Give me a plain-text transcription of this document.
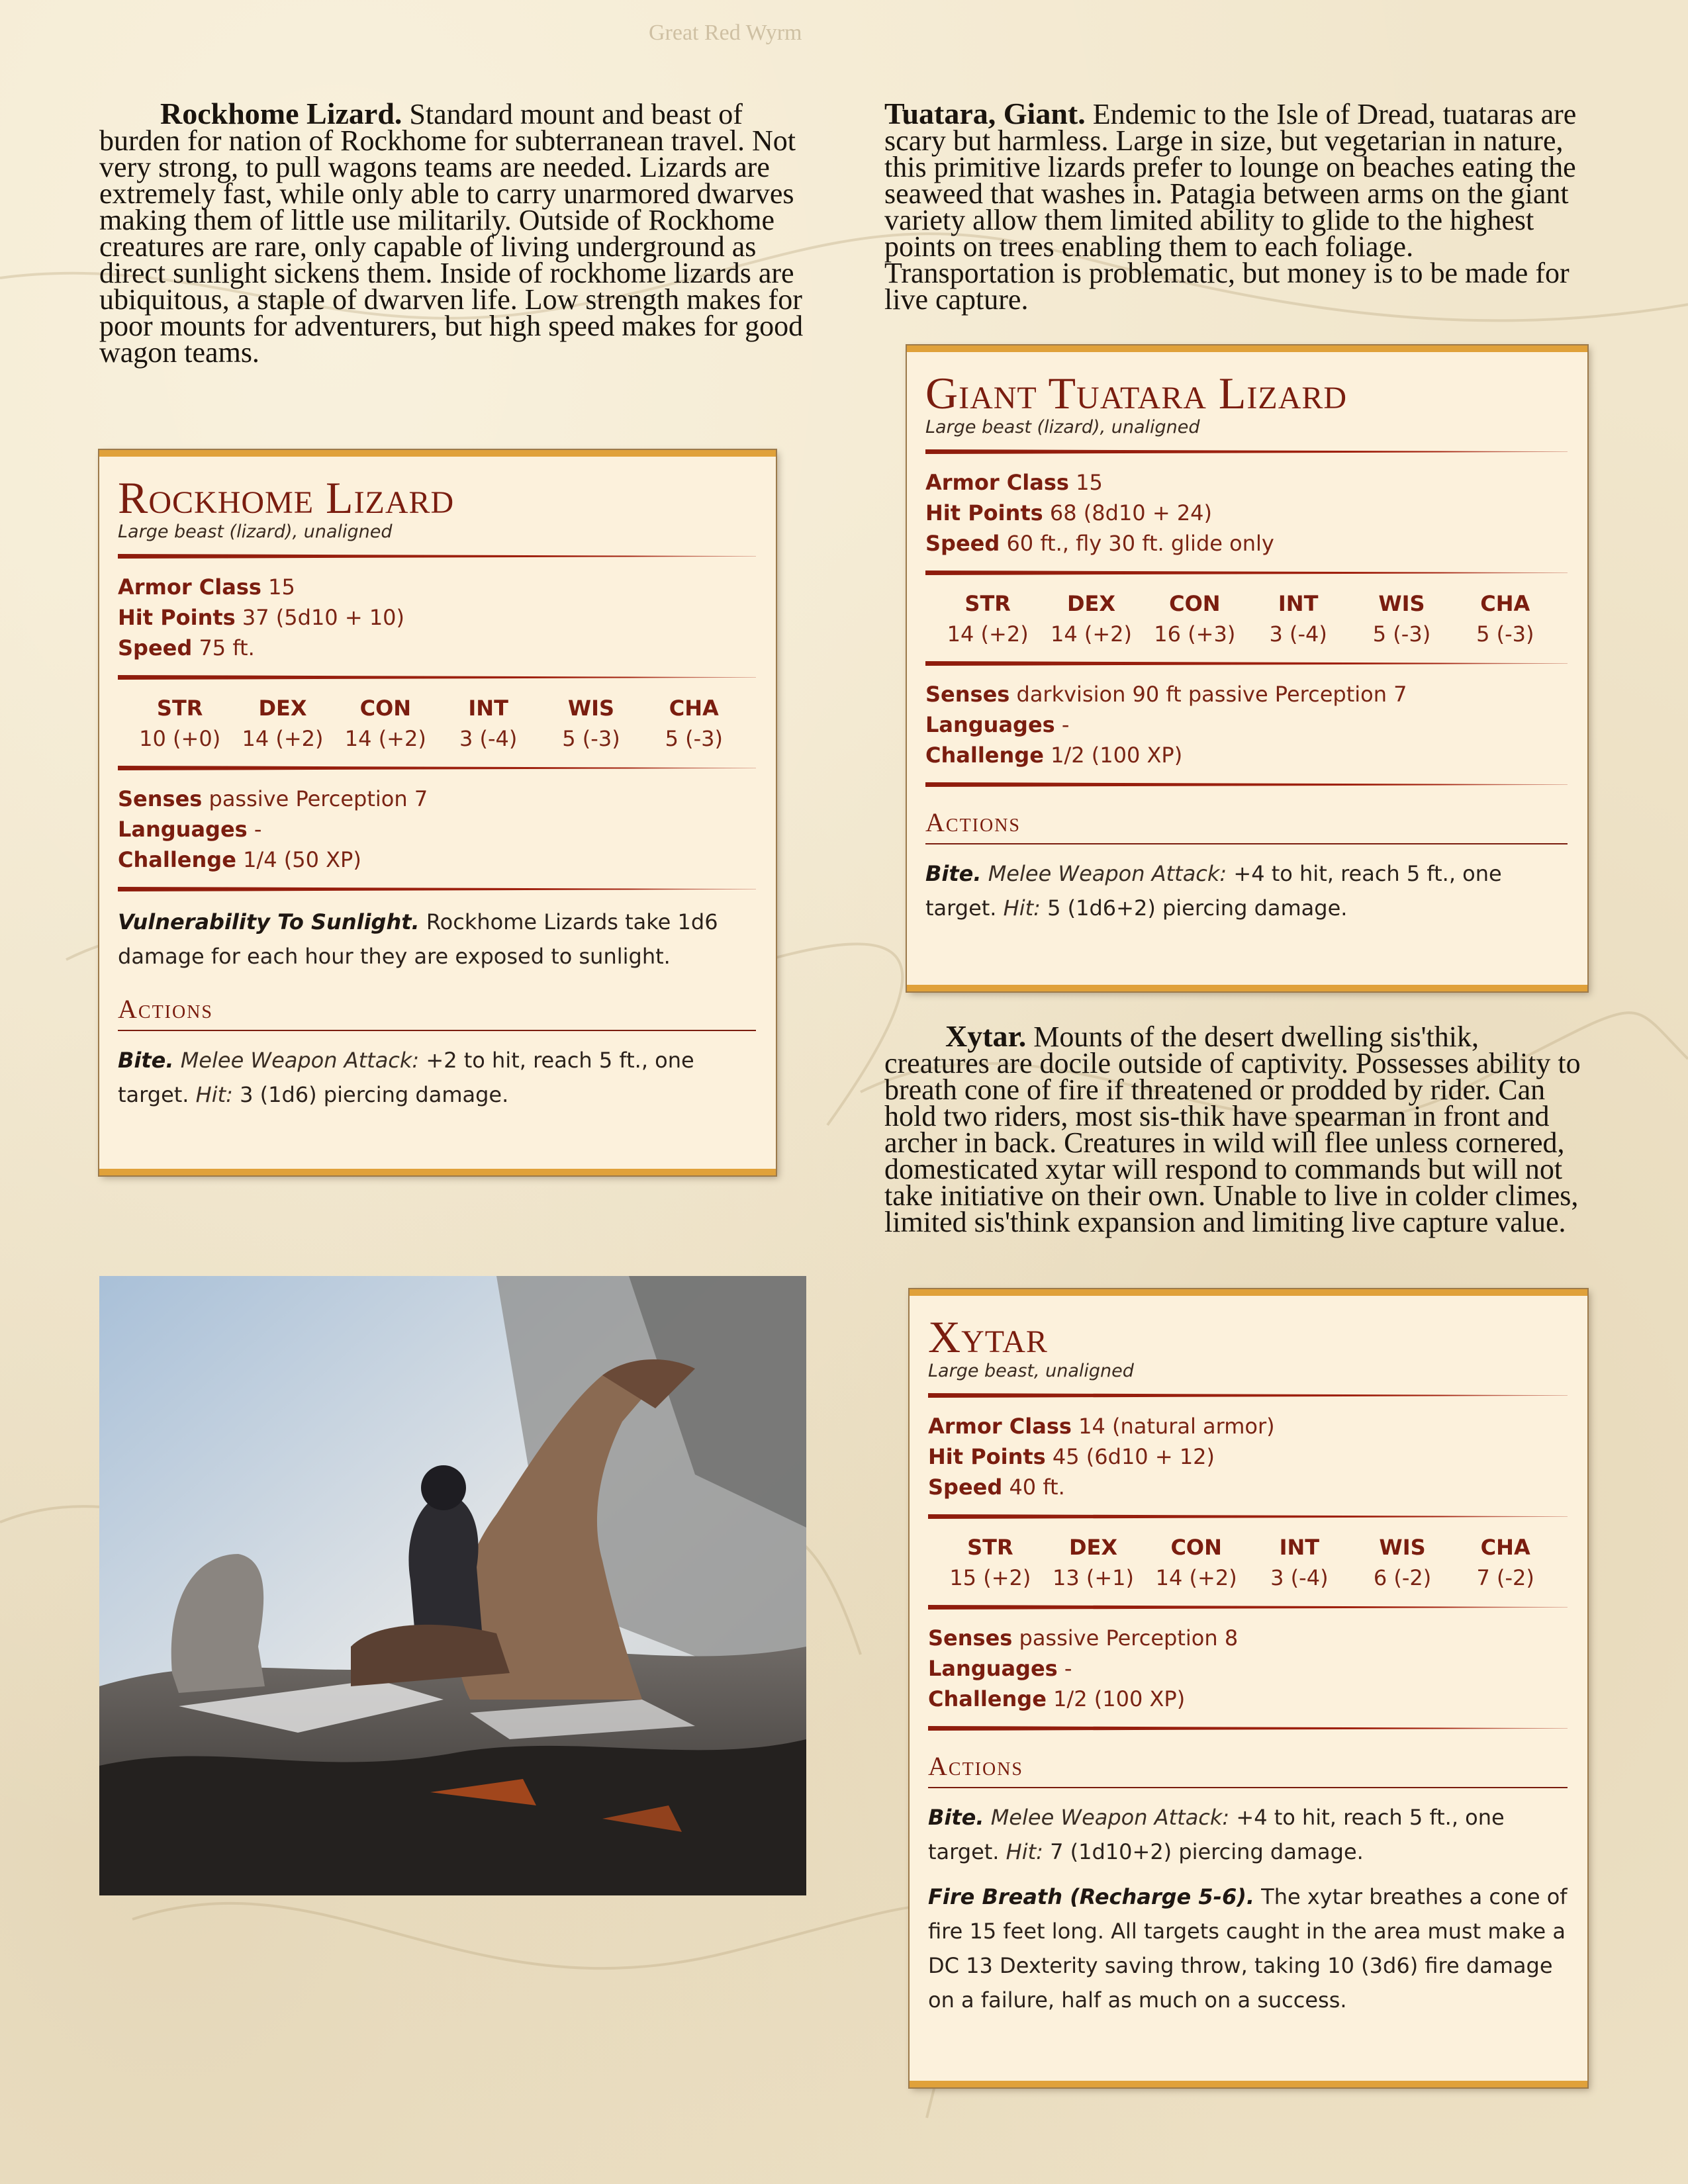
Great Red Wyrm
Rockhome Lizard. Standard mount and beast of burden for nation of Rockhome for subterranean travel. Not very strong, to pull wagons teams are needed. Lizards are extremely fast, while only able to carry unarmored dwarves making them of little use militarily. Outside of Rockhome creatures are rare, only capable of living underground as direct sunlight sickens them. Inside of rockhome lizards are ubiquitous, a staple of dwarven life. Low strength makes for poor mounts for adventurers, but high speed makes for good wagon teams.
Rockhome Lizard
Large beast (lizard), unaligned
Armor Class 15
Hit Points 37 (5d10 + 10)
Speed 75 ft.
STR
10 (+0)
DEX
14 (+2)
CON
14 (+2)
INT
3 (-4)
WIS
5 (-3)
CHA
5 (-3)
Senses passive Perception 7
Languages -
Challenge 1/4 (50 XP)
Vulnerability To Sunlight. Rockhome Lizards take 1d6 damage for each hour they are exposed to sunlight.
Actions
Bite. Melee Weapon Attack: +2 to hit, reach 5 ft., one target. Hit: 3 (1d6) piercing damage.
Tuatara, Giant. Endemic to the Isle of Dread, tuataras are scary but harmless. Large in size, but vegetarian in nature, this primitive lizards prefer to lounge on beaches eating the seaweed that washes in. Patagia between arms on the giant variety allow them limited ability to glide to the highest points on trees enabling them to each foliage. Transportation is problematic, but money is to be made for live capture.
Giant Tuatara Lizard
Large beast (lizard), unaligned
Armor Class 15
Hit Points 68 (8d10 + 24)
Speed 60 ft., fly 30 ft. glide only
STR
14 (+2)
DEX
14 (+2)
CON
16 (+3)
INT
3 (-4)
WIS
5 (-3)
CHA
5 (-3)
Senses darkvision 90 ft passive Perception 7
Languages -
Challenge 1/2 (100 XP)
Actions
Bite. Melee Weapon Attack: +4 to hit, reach 5 ft., one target. Hit: 5 (1d6+2) piercing damage.
Xytar. Mounts of the desert dwelling sis'thik, creatures are docile outside of captivity. Possesses ability to breath cone of fire if threatened or prodded by rider. Can hold two riders, most sis-thik have spearman in front and archer in back. Creatures in wild will flee unless cornered, domesticated xytar will respond to commands but will not take initiative on their own. Unable to live in colder climes, limited sis'think expansion and limiting live capture value.
Xytar
Large beast, unaligned
Armor Class 14 (natural armor)
Hit Points 45 (6d10 + 12)
Speed 40 ft.
STR
15 (+2)
DEX
13 (+1)
CON
14 (+2)
INT
3 (-4)
WIS
6 (-2)
CHA
7 (-2)
Senses passive Perception 8
Languages -
Challenge 1/2 (100 XP)
Actions
Bite. Melee Weapon Attack: +4 to hit, reach 5 ft., one target. Hit: 7 (1d10+2) piercing damage.
Fire Breath (Recharge 5-6). The xytar breathes a cone of fire 15 feet long. All targets caught in the area must make a DC 13 Dexterity saving throw, taking 10 (3d6) fire damage on a failure, half as much on a success.
